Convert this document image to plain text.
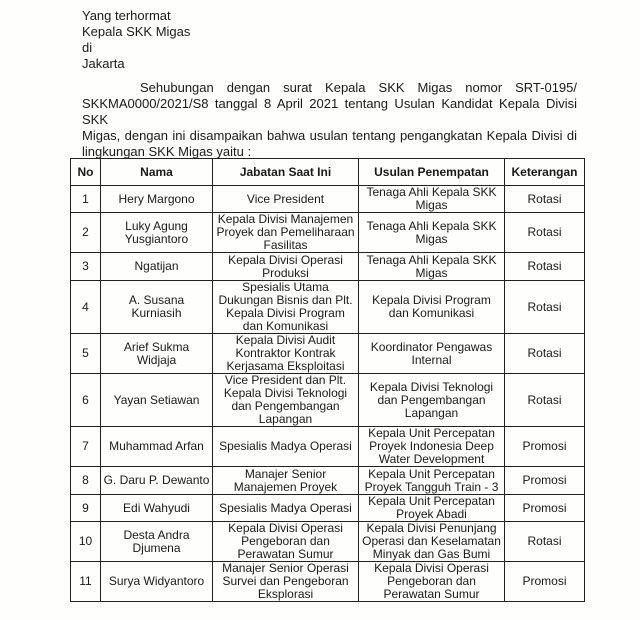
Yang terhormat
Kepala SKK Migas
di
Jakarta
Sehubungan dengan surat Kepala SKK Migas nomor SRT-0195/
SKKMA0000/2021/S8 tanggal 8 April 2021 tentang Usulan Kandidat Kepala Divisi SKK
Migas, dengan ini disampaikan bahwa usulan tentang pengangkatan Kepala Divisi di
lingkungan SKK Migas yaitu :
No	Nama	Jabatan Saat Ini	Usulan Penempatan	Keterangan
1	Hery Margono	Vice President	Tenaga Ahli Kepala SKK Migas	Rotasi
2	Luky Agung Yusgiantoro	Kepala Divisi Manajemen Proyek dan Pemeliharaan Fasilitas	Tenaga Ahli Kepala SKK Migas	Rotasi
3	Ngatijan	Kepala Divisi Operasi Produksi	Tenaga Ahli Kepala SKK Migas	Rotasi
4	A. Susana Kurniasih	Spesialis Utama Dukungan Bisnis dan Plt. Kepala Divisi Program dan Komunikasi	Kepala Divisi Program dan Komunikasi	Rotasi
5	Arief Sukma Widjaja	Kepala Divisi Audit Kontraktor Kontrak Kerjasama Eksploitasi	Koordinator Pengawas Internal	Rotasi
6	Yayan Setiawan	Vice President dan Plt. Kepala Divisi Teknologi dan Pengembangan Lapangan	Kepala Divisi Teknologi dan Pengembangan Lapangan	Rotasi
7	Muhammad Arfan	Spesialis Madya Operasi	Kepala Unit Percepatan Proyek Indonesia Deep Water Development	Promosi
8	G. Daru P. Dewanto	Manajer Senior Manajemen Proyek	Kepala Unit Percepatan Proyek Tangguh Train - 3	Promosi
9	Edi Wahyudi	Spesialis Madya Operasi	Kepala Unit Percepatan Proyek Abadi	Promosi
10	Desta Andra Djumena	Kepala Divisi Operasi Pengeboran dan Perawatan Sumur	Kepala Divisi Penunjang Operasi dan Keselamatan Minyak dan Gas Bumi	Rotasi
11	Surya Widyantoro	Manajer Senior Operasi Survei dan Pengeboran Eksplorasi	Kepala Divisi Operasi Pengeboran dan Perawatan Sumur	Promosi
